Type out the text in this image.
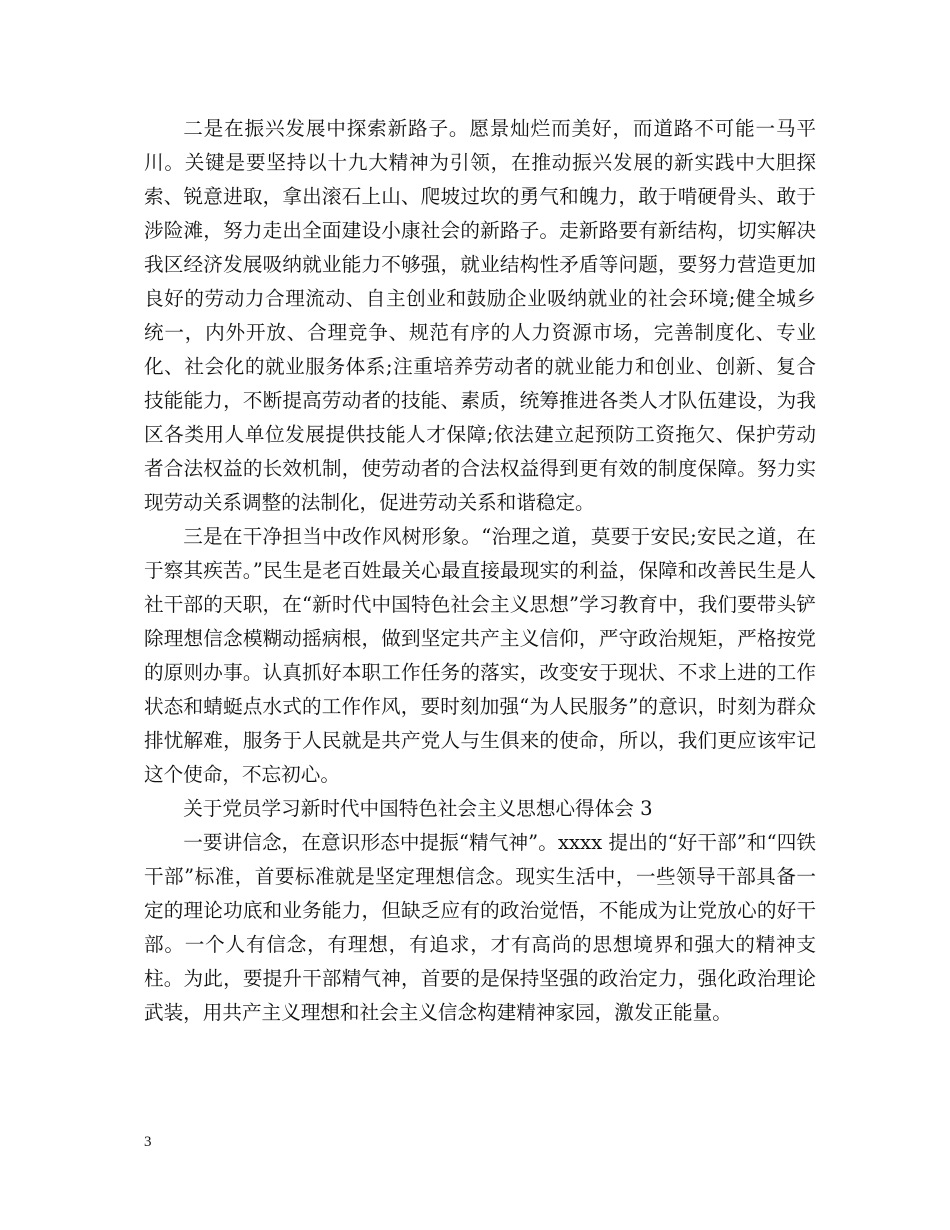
二是在振兴发展中探索新路子。愿景灿烂而美好，而道路不可能一马平川。关键是要坚持以十九大精神为引领，在推动振兴发展的新实践中大胆探索、锐意进取，拿出滚石上山、爬坡过坎的勇气和魄力，敢于啃硬骨头、敢于涉险滩，努力走出全面建设小康社会的新路子。走新路要有新结构，切实解决我区经济发展吸纳就业能力不够强，就业结构性矛盾等问题，要努力营造更加良好的劳动力合理流动、自主创业和鼓励企业吸纳就业的社会环境;健全城乡统一，内外开放、合理竞争、规范有序的人力资源市场，完善制度化、专业化、社会化的就业服务体系;注重培养劳动者的就业能力和创业、创新、复合技能能力，不断提高劳动者的技能、素质，统筹推进各类人才队伍建设，为我区各类用人单位发展提供技能人才保障;依法建立起预防工资拖欠、保护劳动者合法权益的长效机制，使劳动者的合法权益得到更有效的制度保障。努力实现劳动关系调整的法制化，促进劳动关系和谐稳定。

三是在干净担当中改作风树形象。“治理之道，莫要于安民;安民之道，在于察其疾苦。”民生是老百姓最关心最直接最现实的利益，保障和改善民生是人社干部的天职，在“新时代中国特色社会主义思想”学习教育中，我们要带头铲除理想信念模糊动摇病根，做到坚定共产主义信仰，严守政治规矩，严格按党的原则办事。认真抓好本职工作任务的落实，改变安于现状、不求上进的工作状态和蜻蜓点水式的工作作风，要时刻加强“为人民服务”的意识，时刻为群众排忧解难，服务于人民就是共产党人与生俱来的使命，所以，我们更应该牢记这个使命，不忘初心。

关于党员学习新时代中国特色社会主义思想心得体会 3

一要讲信念，在意识形态中提振“精气神”。xxxx 提出的“好干部”和“四铁干部”标准，首要标准就是坚定理想信念。现实生活中，一些领导干部具备一定的理论功底和业务能力，但缺乏应有的政治觉悟，不能成为让党放心的好干部。一个人有信念，有理想，有追求，才有高尚的思想境界和强大的精神支柱。为此，要提升干部精气神，首要的是保持坚强的政治定力，强化政治理论武装，用共产主义理想和社会主义信念构建精神家园，激发正能量。

3
